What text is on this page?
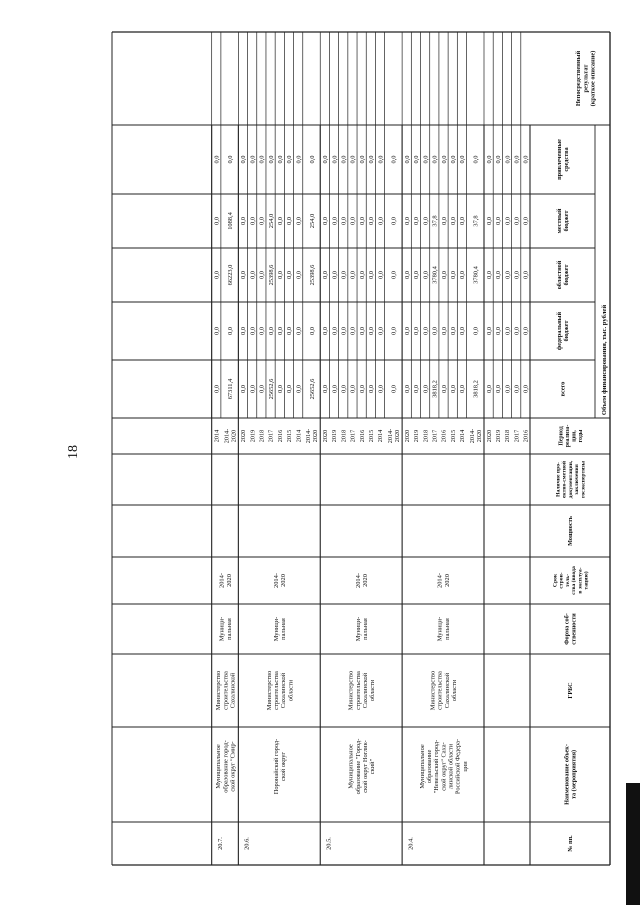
18
№ пп.
Наименование объек-та (мероприятия)
ГРБС
Форма соб-ственности
Срокстрои-тель-ства (вводав эксплуа-тацию)
Мощность
Наличие про-ектно-сметнойдокументации,заключениягосэкспертизы
Периодреализа-ции,годы
Объем финансирования, тыс. рублей
всего
федеральныйбюджет
областнойбюджет
местныйбюджет
привлеченныесредства
Непосредственныйрезультат(краткое описание)
2016
0,0
0,0
0,0
0,0
0,0
2017
0,0
0,0
0,0
0,0
0,0
2018
0,0
0,0
0,0
0,0
0,0
2019
0,0
0,0
0,0
0,0
0,0
2020
0,0
0,0
0,0
0,0
0,0
2014-2020
3818,2
0,0
3780,4
37,8
0,0
2014
0,0
0,0
0,0
0,0
0,0
2015
0,0
0,0
0,0
0,0
0,0
2016
0,0
0,0
0,0
0,0
0,0
2017
3818,2
0,0
3780,4
37,8
0,0
2018
0,0
0,0
0,0
0,0
0,0
2019
0,0
0,0
0,0
0,0
0,0
2020
0,0
0,0
0,0
0,0
0,0
20.4.
Муниципальноеобразование"Невельский город-ской округ" Саха-линской областиРоссийской Федера-ции
МинистерствостроительстваСахалинскойобласти
Муници-пальная
2014-2020
2014-2020
0,0
0,0
0,0
0,0
0,0
2014
0,0
0,0
0,0
0,0
0,0
2015
0,0
0,0
0,0
0,0
0,0
2016
0,0
0,0
0,0
0,0
0,0
2017
0,0
0,0
0,0
0,0
0,0
2018
0,0
0,0
0,0
0,0
0,0
2019
0,0
0,0
0,0
0,0
0,0
2020
0,0
0,0
0,0
0,0
0,0
20.5.
Муниципальноеобразование "Город-ской округ Ноглик-ский"
МинистерствостроительстваСахалинскойобласти
Муници-пальная
2014-2020
2014-2020
25652,6
0,0
25398,6
254,0
0,0
2014
0,0
0,0
0,0
0,0
0,0
2015
0,0
0,0
0,0
0,0
0,0
2016
0,0
0,0
0,0
0,0
0,0
2017
25652,6
0,0
25398,6
254,0
0,0
2018
0,0
0,0
0,0
0,0
0,0
2019
0,0
0,0
0,0
0,0
0,0
2020
0,0
0,0
0,0
0,0
0,0
20.6.
Поронайский город-ской округ
МинистерствостроительстваСахалинскойобласти
Муници-пальная
2014-2020
2014-2020
67311,4
0,0
66223,0
1088,4
0,0
2014
0,0
0,0
0,0
0,0
0,0
20.7.
Муниципальноеобразование город-ской округ "Смир-
МинистерствостроительстваСахалинской
Муници-пальная
2014-2020
